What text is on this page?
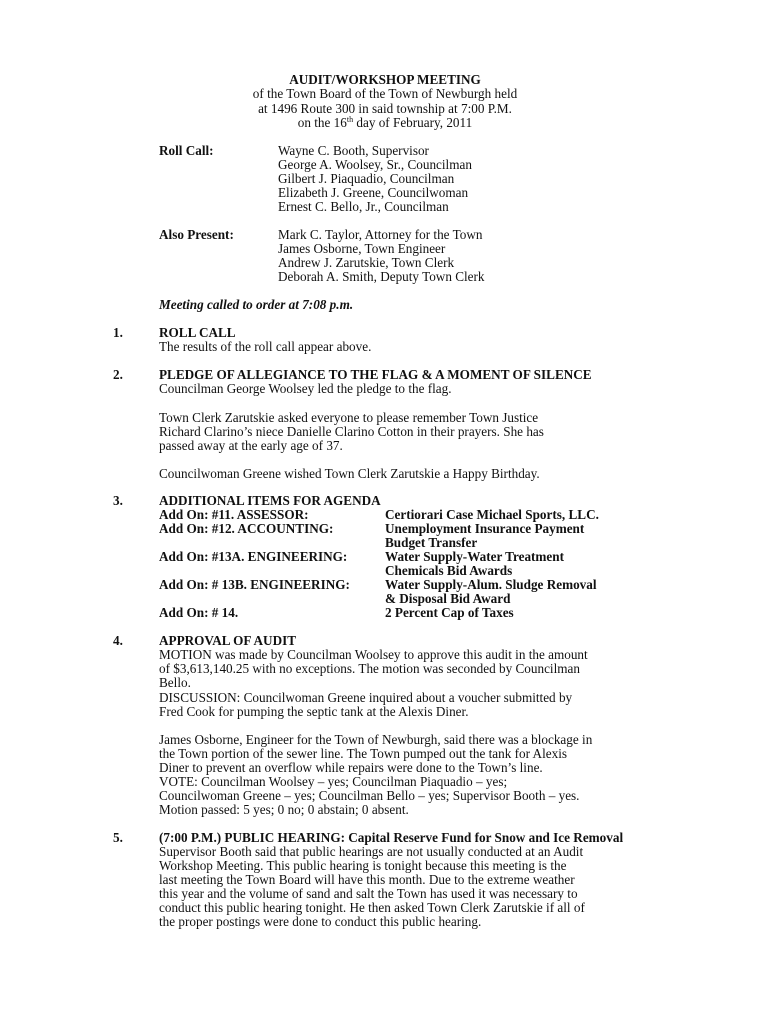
AUDIT/WORKSHOP MEETING
of the Town Board of the Town of Newburgh held
at 1496 Route 300 in said township at 7:00 P.M.
on the 16th day of February, 2011
Roll Call:	Wayne C. Booth, Supervisor
George A. Woolsey, Sr., Councilman
Gilbert J. Piaquadio, Councilman
Elizabeth J. Greene, Councilwoman
Ernest C. Bello, Jr., Councilman
Also Present:	Mark C. Taylor, Attorney for the Town
James Osborne, Town Engineer
Andrew J. Zarutskie, Town Clerk
Deborah A. Smith, Deputy Town Clerk
Meeting called to order at 7:08 p.m.
1.	ROLL CALL
The results of the roll call appear above.
2.	PLEDGE OF ALLEGIANCE TO THE FLAG & A MOMENT OF SILENCE
Councilman George Woolsey led the pledge to the flag.
Town Clerk Zarutskie asked everyone to please remember Town Justice
Richard Clarino’s niece Danielle Clarino Cotton in their prayers. She has
passed away at the early age of 37.
Councilwoman Greene wished Town Clerk Zarutskie a Happy Birthday.
3.	ADDITIONAL ITEMS FOR AGENDA
Add On: #11. ASSESSOR:	Certiorari Case Michael Sports, LLC.
Add On: #12. ACCOUNTING:	Unemployment Insurance Payment
Budget Transfer
Add On: #13A. ENGINEERING:	Water Supply-Water Treatment
Chemicals Bid Awards
Add On: # 13B. ENGINEERING:	Water Supply-Alum. Sludge Removal
& Disposal Bid Award
Add On: # 14.	2 Percent Cap of Taxes
4.	APPROVAL OF AUDIT
MOTION was made by Councilman Woolsey to approve this audit in the amount
of $3,613,140.25 with no exceptions. The motion was seconded by Councilman
Bello.
DISCUSSION: Councilwoman Greene inquired about a voucher submitted by
Fred Cook for pumping the septic tank at the Alexis Diner.
James Osborne, Engineer for the Town of Newburgh, said there was a blockage in
the Town portion of the sewer line. The Town pumped out the tank for Alexis
Diner to prevent an overflow while repairs were done to the Town’s line.
VOTE: Councilman Woolsey – yes; Councilman Piaquadio – yes;
Councilwoman Greene – yes; Councilman Bello – yes; Supervisor Booth – yes.
Motion passed: 5 yes; 0 no; 0 abstain; 0 absent.
5.	(7:00 P.M.) PUBLIC HEARING: Capital Reserve Fund for Snow and Ice Removal
Supervisor Booth said that public hearings are not usually conducted at an Audit
Workshop Meeting. This public hearing is tonight because this meeting is the
last meeting the Town Board will have this month. Due to the extreme weather
this year and the volume of sand and salt the Town has used it was necessary to
conduct this public hearing tonight. He then asked Town Clerk Zarutskie if all of
the proper postings were done to conduct this public hearing.
